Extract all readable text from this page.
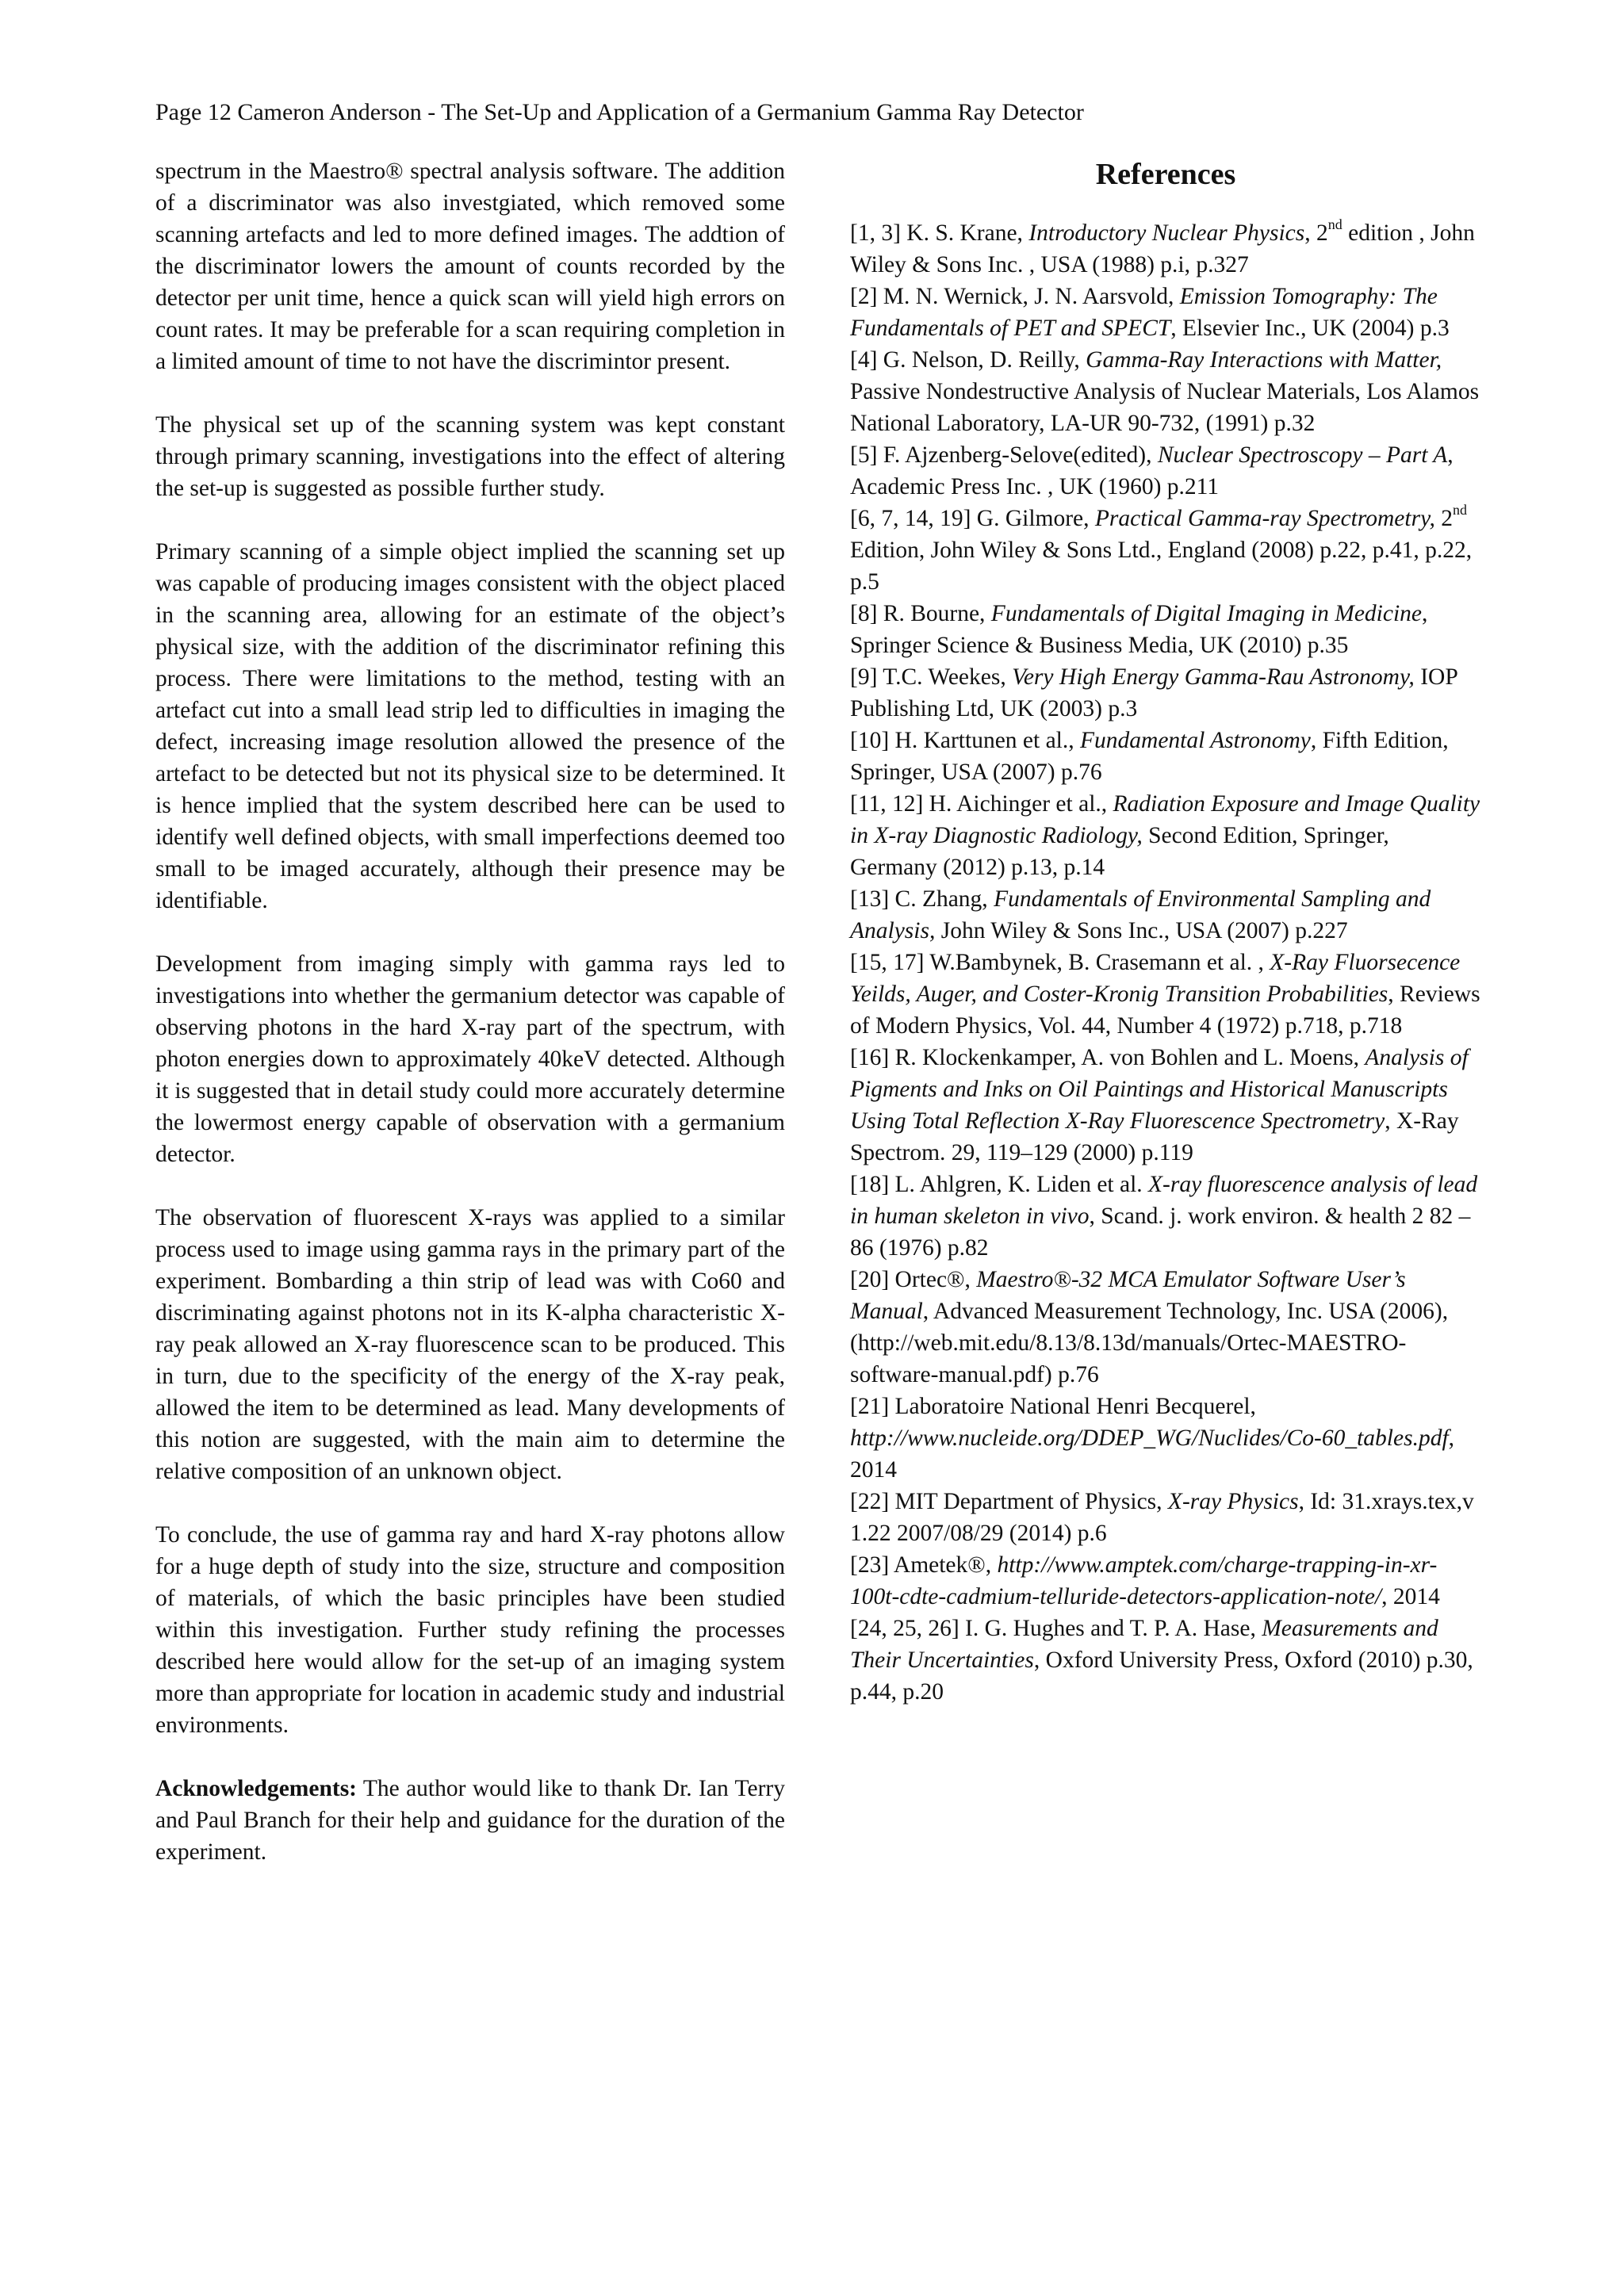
Page 12 Cameron Anderson - The Set-Up and Application of a Germanium Gamma Ray Detector

spectrum in the Maestro® spectral analysis software. The addition of a discriminator was also investgiated, which removed some scanning artefacts and led to more defined images. The addtion of the discriminator lowers the amount of counts recorded by the detector per unit time, hence a quick scan will yield high errors on count rates. It may be preferable for a scan requiring completion in a limited amount of time to not have the discrimintor present.

The physical set up of the scanning system was kept constant through primary scanning, investigations into the effect of altering the set-up is suggested as possible further study.

Primary scanning of a simple object implied the scanning set up was capable of producing images consistent with the object placed in the scanning area, allowing for an estimate of the object’s physical size, with the addition of the discriminator refining this process. There were limitations to the method, testing with an artefact cut into a small lead strip led to difficulties in imaging the defect, increasing image resolution allowed the presence of the artefact to be detected but not its physical size to be determined. It is hence implied that the system described here can be used to identify well defined objects, with small imperfections deemed too small to be imaged accurately, although their presence may be identifiable.

Development from imaging simply with gamma rays led to investigations into whether the germanium detector was capable of observing photons in the hard X-ray part of the spectrum, with photon energies down to approximately 40keV detected. Although it is suggested that in detail study could more accurately determine the lowermost energy capable of observation with a germanium detector.

The observation of fluorescent X-rays was applied to a similar process used to image using gamma rays in the primary part of the experiment. Bombarding a thin strip of lead was with Co60 and discriminating against photons not in its K-alpha characteristic X-ray peak allowed an X-ray fluorescence scan to be produced. This in turn, due to the specificity of the energy of the X-ray peak, allowed the item to be determined as lead. Many developments of this notion are suggested, with the main aim to determine the relative composition of an unknown object.

To conclude, the use of gamma ray and hard X-ray photons allow for a huge depth of study into the size, structure and composition of materials, of which the basic principles have been studied within this investigation. Further study refining the processes described here would allow for the set-up of an imaging system more than appropriate for location in academic study and industrial environments.

Acknowledgements: The author would like to thank Dr. Ian Terry and Paul Branch for their help and guidance for the duration of the experiment.

References

[1, 3] K. S. Krane, Introductory Nuclear Physics, 2nd edition , John Wiley & Sons Inc. , USA (1988) p.i, p.327

[2] M. N. Wernick, J. N. Aarsvold, Emission Tomography: The Fundamentals of PET and SPECT, Elsevier Inc., UK (2004) p.3

[4] G. Nelson, D. Reilly, Gamma-Ray Interactions with Matter, Passive Nondestructive Analysis of Nuclear Materials, Los Alamos National Laboratory, LA-UR 90-732, (1991) p.32

[5] F. Ajzenberg-Selove(edited), Nuclear Spectroscopy – Part A, Academic Press Inc. , UK (1960) p.211

[6, 7, 14, 19] G. Gilmore, Practical Gamma-ray Spectrometry, 2nd Edition, John Wiley & Sons Ltd., England (2008) p.22, p.41, p.22, p.5

[8] R. Bourne, Fundamentals of Digital Imaging in Medicine, Springer Science & Business Media, UK (2010) p.35

[9] T.C. Weekes, Very High Energy Gamma-Rau Astronomy, IOP Publishing Ltd, UK (2003) p.3

[10] H. Karttunen et al., Fundamental Astronomy, Fifth Edition, Springer, USA (2007) p.76

[11, 12] H. Aichinger et al., Radiation Exposure and Image Quality in X-ray Diagnostic Radiology, Second Edition, Springer, Germany (2012) p.13, p.14

[13] C. Zhang, Fundamentals of Environmental Sampling and Analysis, John Wiley & Sons Inc., USA (2007) p.227

[15, 17] W.Bambynek, B. Crasemann et al. , X-Ray Fluorsecence Yeilds, Auger, and Coster-Kronig Transition Probabilities, Reviews of Modern Physics, Vol. 44, Number 4 (1972) p.718, p.718

[16] R. Klockenkamper, A. von Bohlen and L. Moens, Analysis of Pigments and Inks on Oil Paintings and Historical Manuscripts Using Total Reflection X-Ray Fluorescence Spectrometry, X-Ray Spectrom. 29, 119–129 (2000) p.119

[18] L. Ahlgren, K. Liden et al. X-ray fluorescence analysis of lead in human skeleton in vivo, Scand. j. work environ. & health 2 82 – 86 (1976) p.82

[20] Ortec®, Maestro®-32 MCA Emulator Software User’s Manual, Advanced Measurement Technology, Inc. USA (2006), (http://web.mit.edu/8.13/8.13d/manuals/Ortec-MAESTRO-software-manual.pdf) p.76

[21] Laboratoire National Henri Becquerel, http://www.nucleide.org/DDEP_WG/Nuclides/Co-60_tables.pdf, 2014

[22] MIT Department of Physics, X-ray Physics, Id: 31.xrays.tex,v 1.22 2007/08/29 (2014) p.6

[23] Ametek®, http://www.amptek.com/charge-trapping-in-xr-100t-cdte-cadmium-telluride-detectors-application-note/, 2014

[24, 25, 26] I. G. Hughes and T. P. A. Hase, Measurements and Their Uncertainties, Oxford University Press, Oxford (2010) p.30, p.44, p.20
